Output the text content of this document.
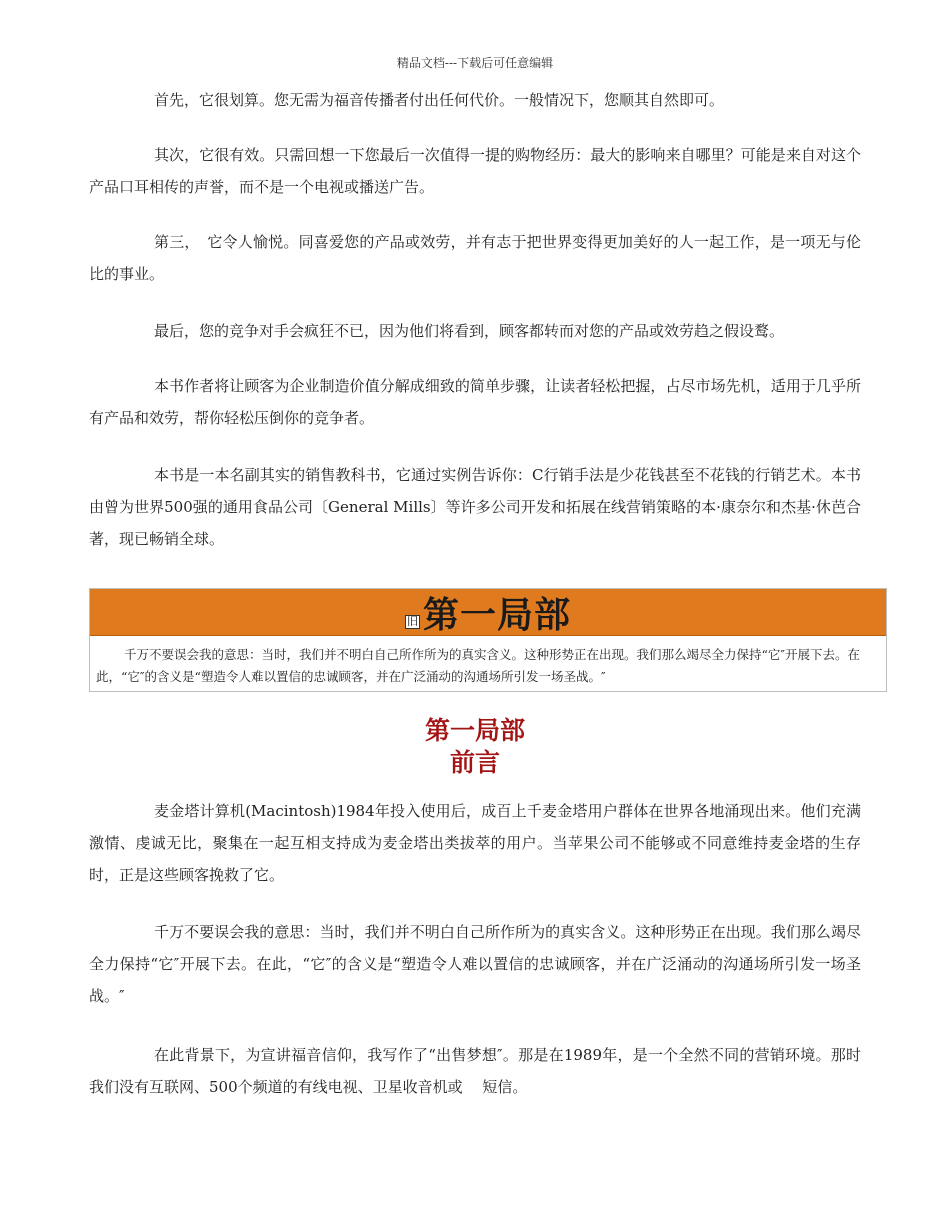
精品文档---下载后可任意编辑

首先，它很划算。您无需为福音传播者付出任何代价。一般情况下，您顺其自然即可。

其次，它很有效。只需回想一下您最后一次值得一提的购物经历：最大的影响来自哪里？可能是来自对这个产品口耳相传的声誉，而不是一个电视或播送广告。

第三，　它令人愉悦。同喜爱您的产品或效劳，并有志于把世界变得更加美好的人一起工作，是一项无与伦比的事业。

最后，您的竞争对手会疯狂不已，因为他们将看到，顾客都转而对您的产品或效劳趋之假设鹜。

本书作者将让顾客为企业制造价值分解成细致的简单步骤，让读者轻松把握，占尽市场先机，适用于几乎所有产品和效劳，帮你轻松压倒你的竞争者。

本书是一本名副其实的销售教科书，它通过实例告诉你：C行销手法是少花钱甚至不花钱的行销艺术。本书由曾为世界500强的通用食品公司〔General Mills〕等许多公司开发和拓展在线营销策略的本·康奈尔和杰基·休芭合著，现已畅销全球。

旧 第一局部

千万不要误会我的意思：当时，我们并不明白自己所作所为的真实含义。这种形势正在出现。我们那么竭尽全力保持“它″开展下去。在此，“它″的含义是“塑造令人难以置信的忠诚顾客，并在广泛涌动的沟通场所引发一场圣战。″

第一局部
前言

麦金塔计算机(Macintosh)1984年投入使用后，成百上千麦金塔用户群体在世界各地涌现出来。他们充满激情、虔诚无比，聚集在一起互相支持成为麦金塔出类拔萃的用户。当苹果公司不能够或不同意维持麦金塔的生存时，正是这些顾客挽救了它。

千万不要误会我的意思：当时，我们并不明白自己所作所为的真实含义。这种形势正在出现。我们那么竭尽全力保持“它″开展下去。在此，“它″的含义是“塑造令人难以置信的忠诚顾客，并在广泛涌动的沟通场所引发一场圣战。″

在此背景下，为宣讲福音信仰，我写作了“出售梦想″。那是在1989年，是一个全然不同的营销环境。那时我们没有互联网、500个频道的有线电视、卫星收音机或　 短信。
